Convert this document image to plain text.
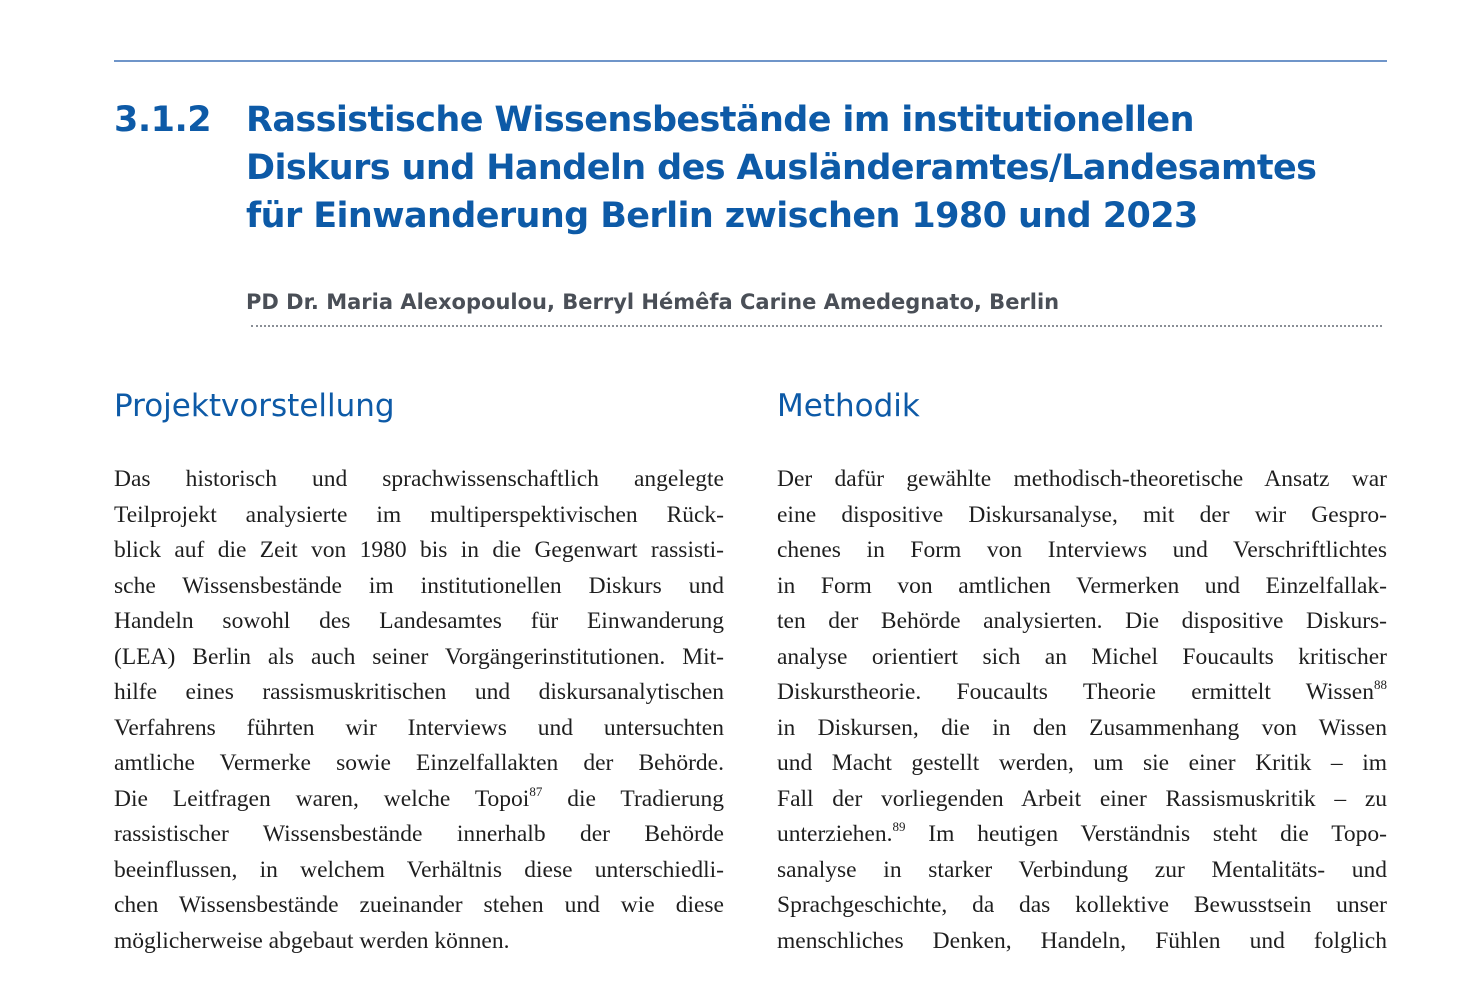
3.1.2 Rassistische Wissensbestände im institutionellen
Diskurs und Handeln des Ausländeramtes/Landesamtes
für Einwanderung Berlin zwischen 1980 und 2023
PD Dr. Maria Alexopoulou, Berryl Hémêfa Carine Amedegnato, Berlin
Projektvorstellung	Methodik
Das historisch und sprachwissenschaftlich angelegte
Teilprojekt analysierte im multiperspektivischen Rück-
blick auf die Zeit von 1980 bis in die Gegenwart rassisti-
sche Wissensbestände im institutionellen Diskurs und
Handeln sowohl des Landesamtes für Einwanderung
(LEA) Berlin als auch seiner Vorgängerinstitutionen. Mit-
hilfe eines rassismuskritischen und diskursanalytischen
Verfahrens führten wir Interviews und untersuchten
amtliche Vermerke sowie Einzelfallakten der Behörde.
Die Leitfragen waren, welche Topoi$^{87}$ die Tradierung
rassistischer Wissensbestände innerhalb der Behörde
beeinflussen, in welchem Verhältnis diese unterschiedli-
chen Wissensbestände zueinander stehen und wie diese
möglicherweise abgebaut werden können.
Der dafür gewählte methodisch-theoretische Ansatz war
eine dispositive Diskursanalyse, mit der wir Gespro-
chenes in Form von Interviews und Verschriftlichtes
in Form von amtlichen Vermerken und Einzelfallak-
ten der Behörde analysierten. Die dispositive Diskurs-
analyse orientiert sich an Michel Foucaults kritischer
Diskurstheorie. Foucaults Theorie ermittelt Wissen$^{88}$
in Diskursen, die in den Zusammenhang von Wissen
und Macht gestellt werden, um sie einer Kritik – im
Fall der vorliegenden Arbeit einer Rassismuskritik – zu
unterziehen.$^{89}$ Im heutigen Verständnis steht die Topo-
sanalyse in starker Verbindung zur Mentalitäts- und
Sprachgeschichte, da das kollektive Bewusstsein unser
menschliches Denken, Handeln, Fühlen und folglich
